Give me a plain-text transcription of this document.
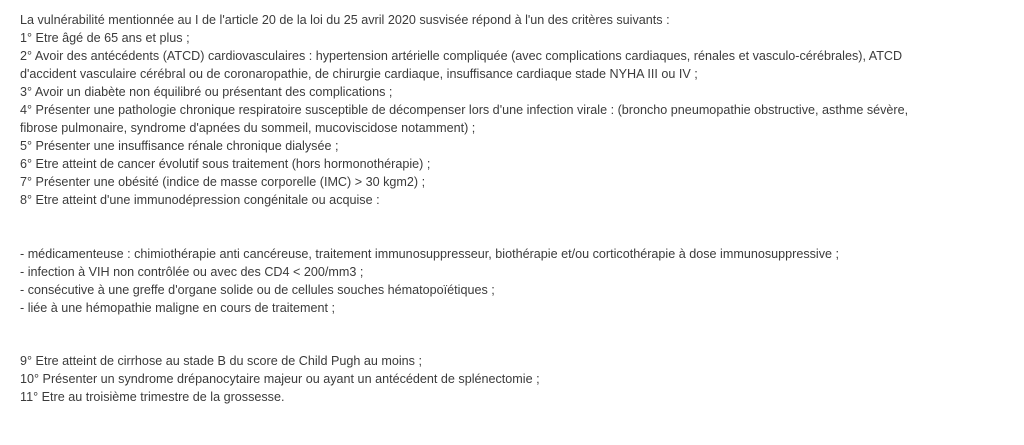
La vulnérabilité mentionnée au I de l'article 20 de la loi du 25 avril 2020 susvisée répond à l'un des critères suivants :
1° Etre âgé de 65 ans et plus ;
2° Avoir des antécédents (ATCD) cardiovasculaires : hypertension artérielle compliquée (avec complications cardiaques, rénales et vasculo-cérébrales), ATCD
d'accident vasculaire cérébral ou de coronaropathie, de chirurgie cardiaque, insuffisance cardiaque stade NYHA III ou IV ;
3° Avoir un diabète non équilibré ou présentant des complications ;
4° Présenter une pathologie chronique respiratoire susceptible de décompenser lors d'une infection virale : (broncho pneumopathie obstructive, asthme sévère,
fibrose pulmonaire, syndrome d'apnées du sommeil, mucoviscidose notamment) ;
5° Présenter une insuffisance rénale chronique dialysée ;
6° Etre atteint de cancer évolutif sous traitement (hors hormonothérapie) ;
7° Présenter une obésité (indice de masse corporelle (IMC) > 30 kgm2) ;
8° Etre atteint d'une immunodépression congénitale ou acquise :
- médicamenteuse : chimiothérapie anti cancéreuse, traitement immunosuppresseur, biothérapie et/ou corticothérapie à dose immunosuppressive ;
- infection à VIH non contrôlée ou avec des CD4 < 200/mm3 ;
- consécutive à une greffe d'organe solide ou de cellules souches hématopoïétiques ;
- liée à une hémopathie maligne en cours de traitement ;
9° Etre atteint de cirrhose au stade B du score de Child Pugh au moins ;
10° Présenter un syndrome drépanocytaire majeur ou ayant un antécédent de splénectomie ;
11° Etre au troisième trimestre de la grossesse.
